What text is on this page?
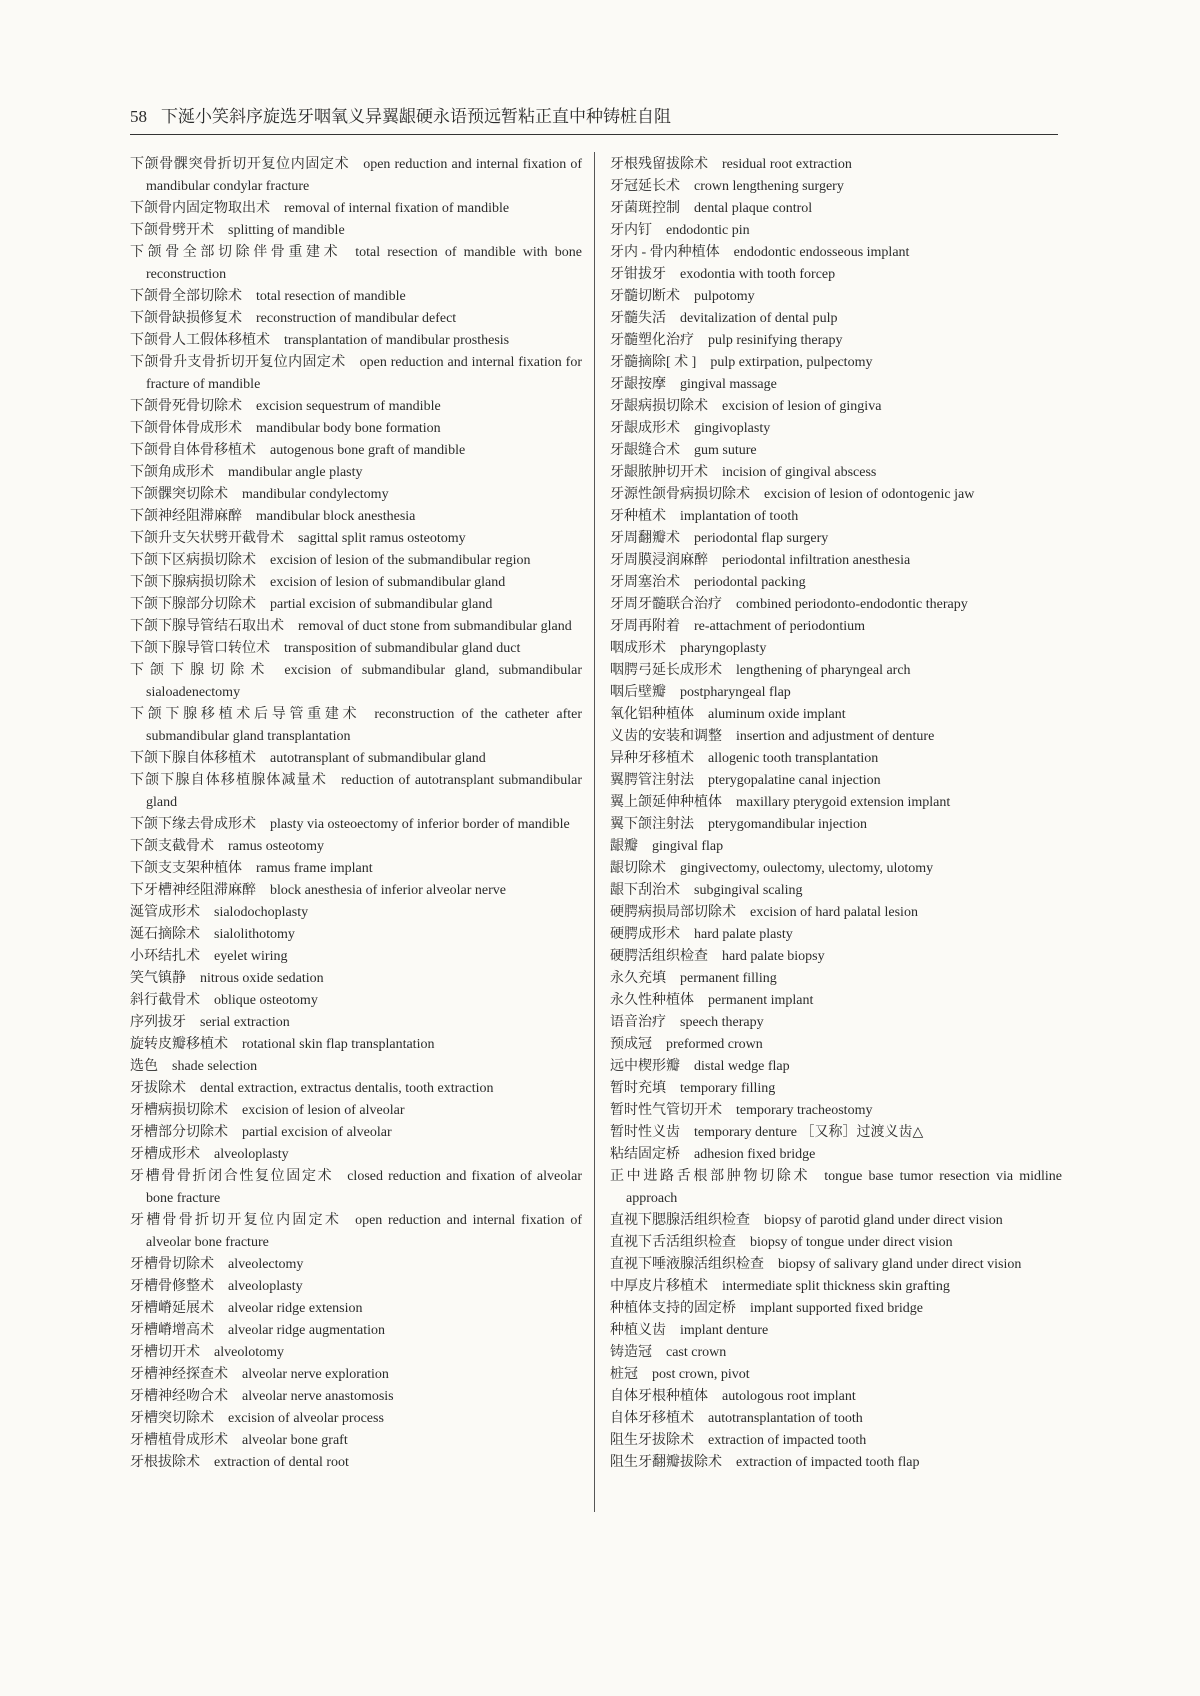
58 下涎小笑斜序旋选牙咽氧义异翼龈硬永语预远暂粘正直中种铸桩自阻
下颌骨髁突骨折切开复位内固定术 open reduction and internal fixation of mandibular condylar fracture
下颌骨内固定物取出术 removal of internal fixation of mandible
下颌骨劈开术 splitting of mandible
下颌骨全部切除伴骨重建术 total resection of mandible with bone reconstruction
下颌骨全部切除术 total resection of mandible
下颌骨缺损修复术 reconstruction of mandibular defect
下颌骨人工假体移植术 transplantation of mandibular prosthesis
下颌骨升支骨折切开复位内固定术 open reduction and internal fixation for fracture of mandible
下颌骨死骨切除术 excision sequestrum of mandible
下颌骨体骨成形术 mandibular body bone formation
下颌骨自体骨移植术 autogenous bone graft of mandible
下颌角成形术 mandibular angle plasty
下颌髁突切除术 mandibular condylectomy
下颌神经阻滞麻醉 mandibular block anesthesia
下颌升支矢状劈开截骨术 sagittal split ramus osteotomy
下颌下区病损切除术 excision of lesion of the submandibular region
下颌下腺病损切除术 excision of lesion of submandibular gland
下颌下腺部分切除术 partial excision of submandibular gland
下颌下腺导管结石取出术 removal of duct stone from submandibular gland
下颌下腺导管口转位术 transposition of submandibular gland duct
下颌下腺切除术 excision of submandibular gland, submandibular sialoadenectomy
下颌下腺移植术后导管重建术 reconstruction of the catheter after submandibular gland transplantation
下颌下腺自体移植术 autotransplant of submandibular gland
下颌下腺自体移植腺体减量术 reduction of autotransplant submandibular gland
下颌下缘去骨成形术 plasty via osteoectomy of inferior border of mandible
下颌支截骨术 ramus osteotomy
下颌支支架种植体 ramus frame implant
下牙槽神经阻滞麻醉 block anesthesia of inferior alveolar nerve
涎管成形术 sialodochoplasty
涎石摘除术 sialolithotomy
小环结扎术 eyelet wiring
笑气镇静 nitrous oxide sedation
斜行截骨术 oblique osteotomy
序列拔牙 serial extraction
旋转皮瓣移植术 rotational skin flap transplantation
选色 shade selection
牙拔除术 dental extraction, extractus dentalis, tooth extraction
牙槽病损切除术 excision of lesion of alveolar
牙槽部分切除术 partial excision of alveolar
牙槽成形术 alveoloplasty
牙槽骨骨折闭合性复位固定术 closed reduction and fixation of alveolar bone fracture
牙槽骨骨折切开复位内固定术 open reduction and internal fixation of alveolar bone fracture
牙槽骨切除术 alveolectomy
牙槽骨修整术 alveoloplasty
牙槽嵴延展术 alveolar ridge extension
牙槽嵴增高术 alveolar ridge augmentation
牙槽切开术 alveolotomy
牙槽神经探查术 alveolar nerve exploration
牙槽神经吻合术 alveolar nerve anastomosis
牙槽突切除术 excision of alveolar process
牙槽植骨成形术 alveolar bone graft
牙根拔除术 extraction of dental root
牙根残留拔除术 residual root extraction
牙冠延长术 crown lengthening surgery
牙菌斑控制 dental plaque control
牙内钉 endodontic pin
牙内 - 骨内种植体 endodontic endosseous implant
牙钳拔牙 exodontia with tooth forcep
牙髓切断术 pulpotomy
牙髓失活 devitalization of dental pulp
牙髓塑化治疗 pulp resinifying therapy
牙髓摘除[ 术 ] pulp extirpation, pulpectomy
牙龈按摩 gingival massage
牙龈病损切除术 excision of lesion of gingiva
牙龈成形术 gingivoplasty
牙龈缝合术 gum suture
牙龈脓肿切开术 incision of gingival abscess
牙源性颌骨病损切除术 excision of lesion of odontogenic jaw
牙种植术 implantation of tooth
牙周翻瓣术 periodontal flap surgery
牙周膜浸润麻醉 periodontal infiltration anesthesia
牙周塞治术 periodontal packing
牙周牙髓联合治疗 combined periodonto-endodontic therapy
牙周再附着 re-attachment of periodontium
咽成形术 pharyngoplasty
咽腭弓延长成形术 lengthening of pharyngeal arch
咽后壁瓣 postpharyngeal flap
氧化铝种植体 aluminum oxide implant
义齿的安装和调整 insertion and adjustment of denture
异种牙移植术 allogenic tooth transplantation
翼腭管注射法 pterygopalatine canal injection
翼上颌延伸种植体 maxillary pterygoid extension implant
翼下颌注射法 pterygomandibular injection
龈瓣 gingival flap
龈切除术 gingivectomy, oulectomy, ulectomy, ulotomy
龈下刮治术 subgingival scaling
硬腭病损局部切除术 excision of hard palatal lesion
硬腭成形术 hard palate plasty
硬腭活组织检查 hard palate biopsy
永久充填 permanent filling
永久性种植体 permanent implant
语音治疗 speech therapy
预成冠 preformed crown
远中楔形瓣 distal wedge flap
暂时充填 temporary filling
暂时性气管切开术 temporary tracheostomy
暂时性义齿 temporary denture ［又称］过渡义齿△
粘结固定桥 adhesion fixed bridge
正中进路舌根部肿物切除术 tongue base tumor resection via midline approach
直视下腮腺活组织检查 biopsy of parotid gland under direct vision
直视下舌活组织检查 biopsy of tongue under direct vision
直视下唾液腺活组织检查 biopsy of salivary gland under direct vision
中厚皮片移植术 intermediate split thickness skin grafting
种植体支持的固定桥 implant supported fixed bridge
种植义齿 implant denture
铸造冠 cast crown
桩冠 post crown, pivot
自体牙根种植体 autologous root implant
自体牙移植术 autotransplantation of tooth
阻生牙拔除术 extraction of impacted tooth
阻生牙翻瓣拔除术 extraction of impacted tooth flap
